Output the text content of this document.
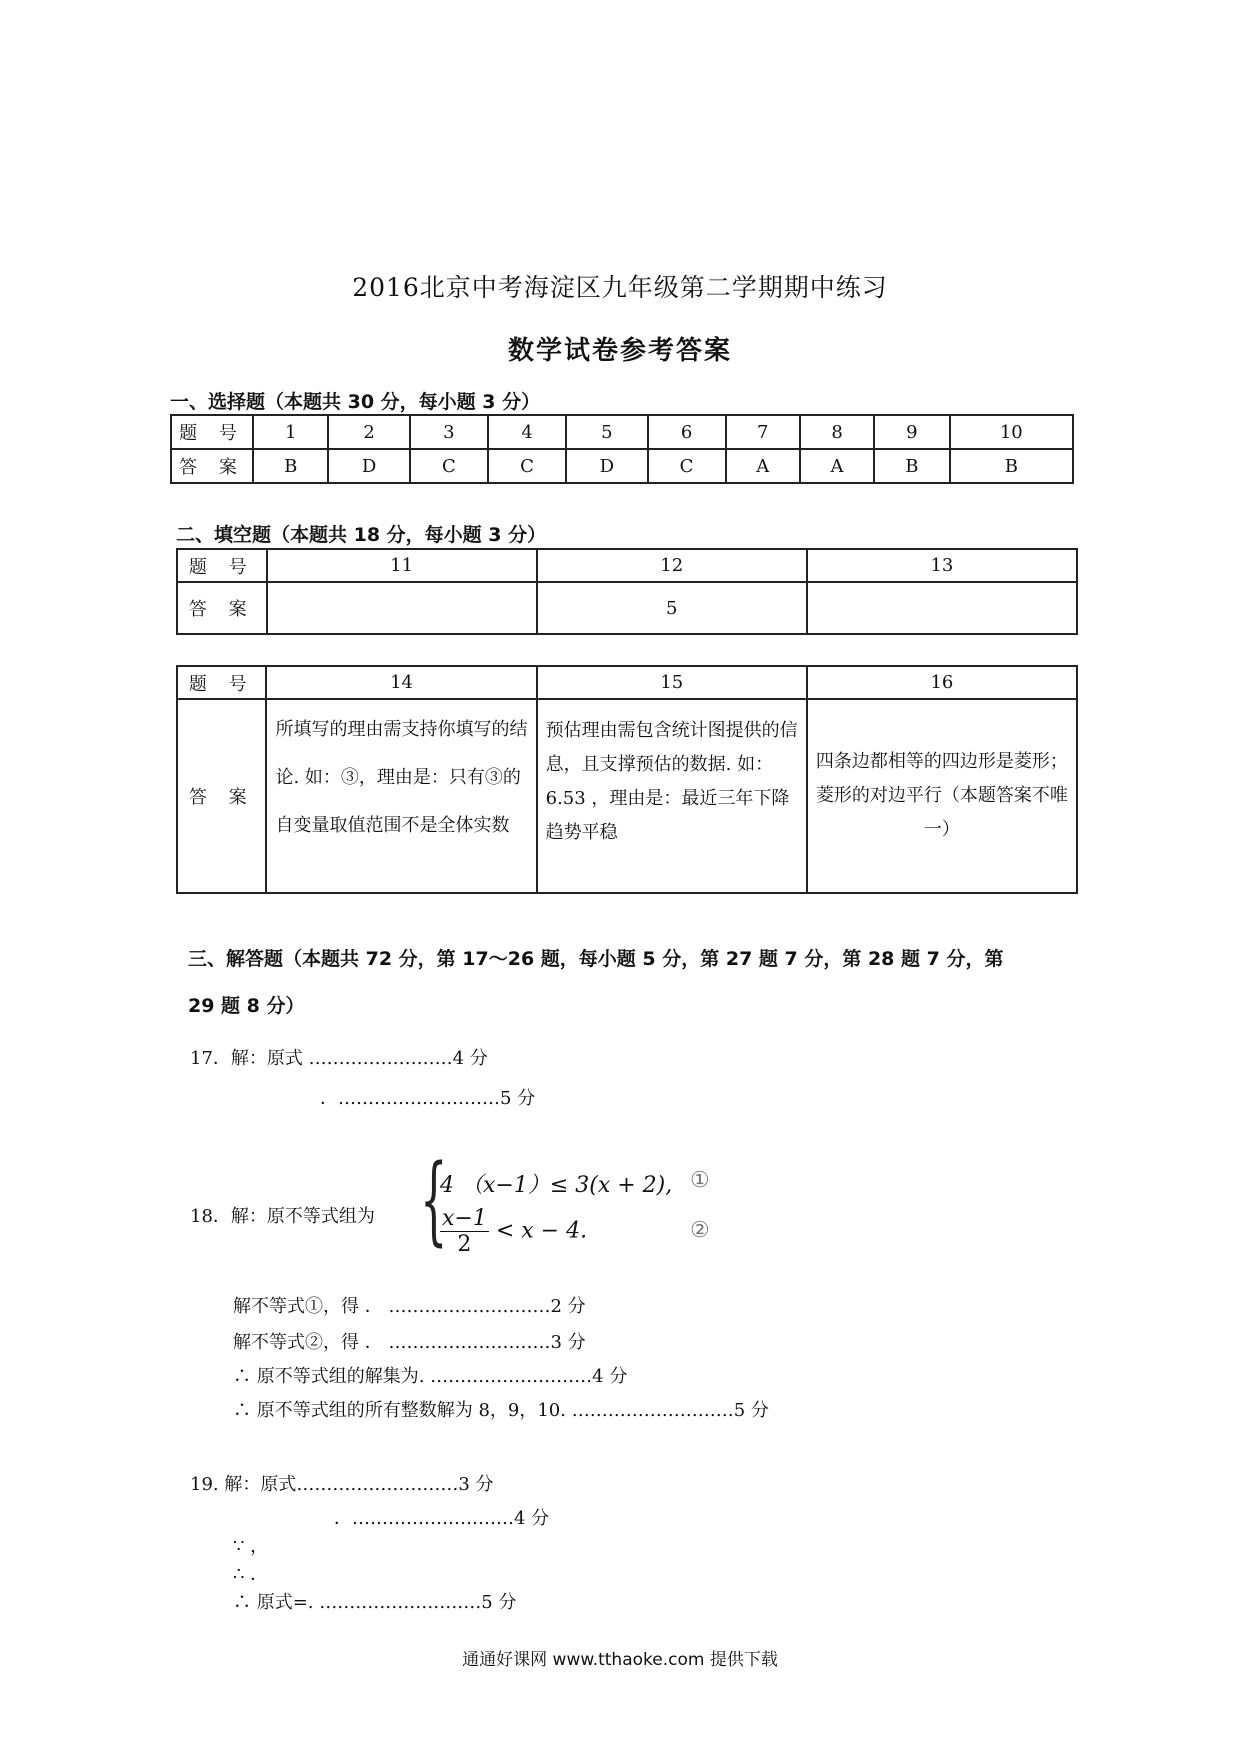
2016北京中考海淀区九年级第二学期期中练习
数学试卷参考答案
一、选择题（本题共 30 分，每小题 3 分）
题 号	1	2	3	4	5	6	7	8	9	10
答 案	B	D	C	C	D	C	A	A	B	B
二、填空题（本题共 18 分，每小题 3 分）
题 号	11	12	13
答 案		5	
题 号	14	15	16
答 案	所填写的理由需支持你填写的结论. 如：③，理由是：只有③的自变量取值范围不是全体实数	预估理由需包含统计图提供的信息，且支撑预估的数据. 如：6.53 ，理由是：最近三年下降趋势平稳	四条边都相等的四边形是菱形；菱形的对边平行（本题答案不唯一）
三、解答题（本题共 72 分，第 17～26 题，每小题 5 分，第 27 题 7 分，第 28 题 7 分，第
29 题 8 分）
17．解：原式 ……………………4 分
．………………………5 分
18．解：原不等式组为 {
4 （x−1）≤ 3(x + 2),
$\frac{x-1}{2} < x - 4$.
①
②
解不等式①，得 ． ………………………2 分
解不等式②，得 ． ………………………3 分
∴ 原不等式组的解集为. ………………………4 分
∴ 原不等式组的所有整数解为 8，9，10. ………………………5 分
19. 解：原式………………………3 分
．………………………4 分
∵ ，
∴ ．
∴ 原式=. ………………………5 分
通通好课网 www.tthaoke.com 提供下载
